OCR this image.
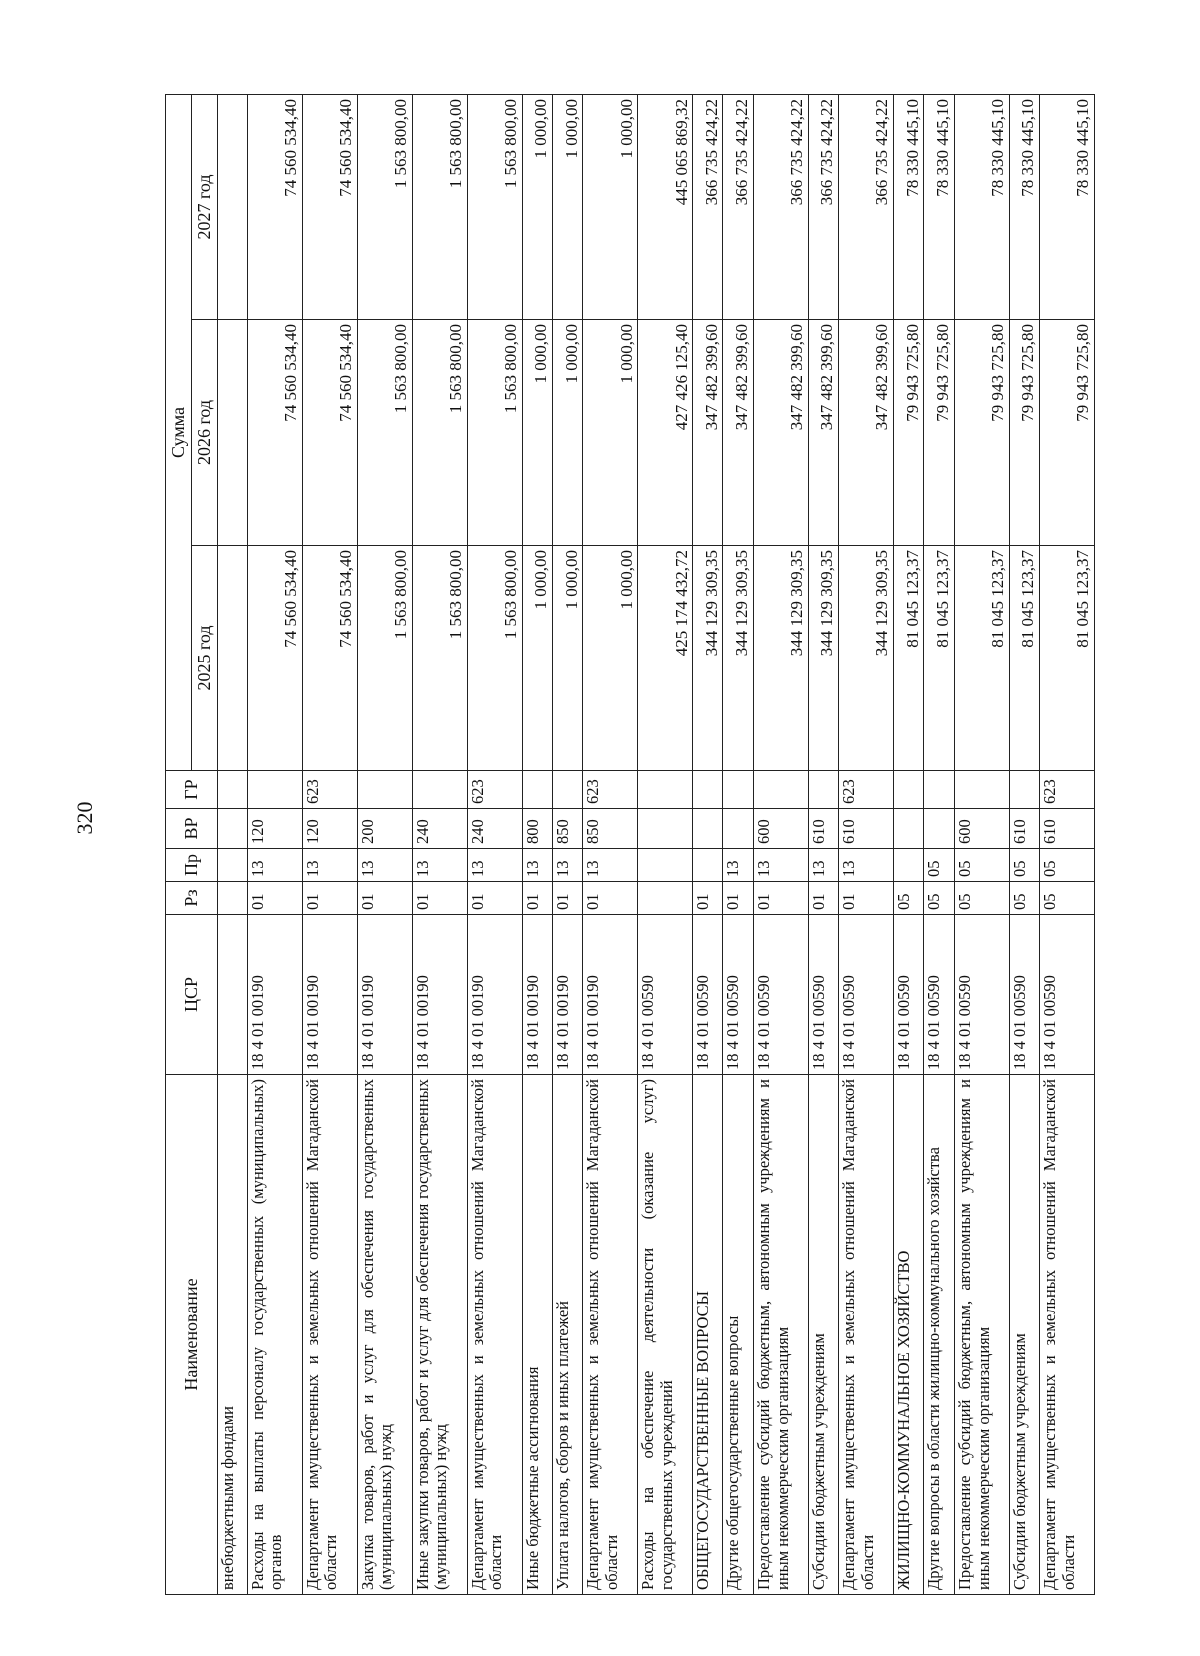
320
Наименование	ЦСР	Рз	Пр	ВР	ГР	Сумма		
						2025 год	2026 год	2027 год
внебюджетными фондами								
Расходы на выплаты персоналу государственных (муниципальных) органов	18 4 01 00190	01	13	120		74 560 534,40	74 560 534,40	74 560 534,40
Департамент имущественных и земельных отношений Магаданской области	18 4 01 00190	01	13	120	623	74 560 534,40	74 560 534,40	74 560 534,40
Закупка товаров, работ и услуг для обеспечения государственных (муниципальных) нужд	18 4 01 00190	01	13	200		1 563 800,00	1 563 800,00	1 563 800,00
Иные закупки товаров, работ и услуг для обеспечения государственных (муниципальных) нужд	18 4 01 00190	01	13	240		1 563 800,00	1 563 800,00	1 563 800,00
Департамент имущественных и земельных отношений Магаданской области	18 4 01 00190	01	13	240	623	1 563 800,00	1 563 800,00	1 563 800,00
Иные бюджетные ассигнования	18 4 01 00190	01	13	800		1 000,00	1 000,00	1 000,00
Уплата налогов, сборов и иных платежей	18 4 01 00190	01	13	850		1 000,00	1 000,00	1 000,00
Департамент имущественных и земельных отношений Магаданской области	18 4 01 00190	01	13	850	623	1 000,00	1 000,00	1 000,00
Расходы на обеспечение деятельности (оказание услуг) государственных учреждений	18 4 01 00590					425 174 432,72	427 426 125,40	445 065 869,32
ОБЩЕГОСУДАРСТВЕННЫЕ ВОПРОСЫ	18 4 01 00590	01				344 129 309,35	347 482 399,60	366 735 424,22
Другие общегосударственные вопросы	18 4 01 00590	01	13			344 129 309,35	347 482 399,60	366 735 424,22
Предоставление субсидий бюджетным, автономным учреждениям и иным некоммерческим организациям	18 4 01 00590	01	13	600		344 129 309,35	347 482 399,60	366 735 424,22
Субсидии бюджетным учреждениям	18 4 01 00590	01	13	610		344 129 309,35	347 482 399,60	366 735 424,22
Департамент имущественных и земельных отношений Магаданской области	18 4 01 00590	01	13	610	623	344 129 309,35	347 482 399,60	366 735 424,22
ЖИЛИЩНО-КОММУНАЛЬНОЕ ХОЗЯЙСТВО	18 4 01 00590	05				81 045 123,37	79 943 725,80	78 330 445,10
Другие вопросы в области жилищно-коммунального хозяйства	18 4 01 00590	05	05			81 045 123,37	79 943 725,80	78 330 445,10
Предоставление субсидий бюджетным, автономным учреждениям и иным некоммерческим организациям	18 4 01 00590	05	05	600		81 045 123,37	79 943 725,80	78 330 445,10
Субсидии бюджетным учреждениям	18 4 01 00590	05	05	610		81 045 123,37	79 943 725,80	78 330 445,10
Департамент имущественных и земельных отношений Магаданской области	18 4 01 00590	05	05	610	623	81 045 123,37	79 943 725,80	78 330 445,10
